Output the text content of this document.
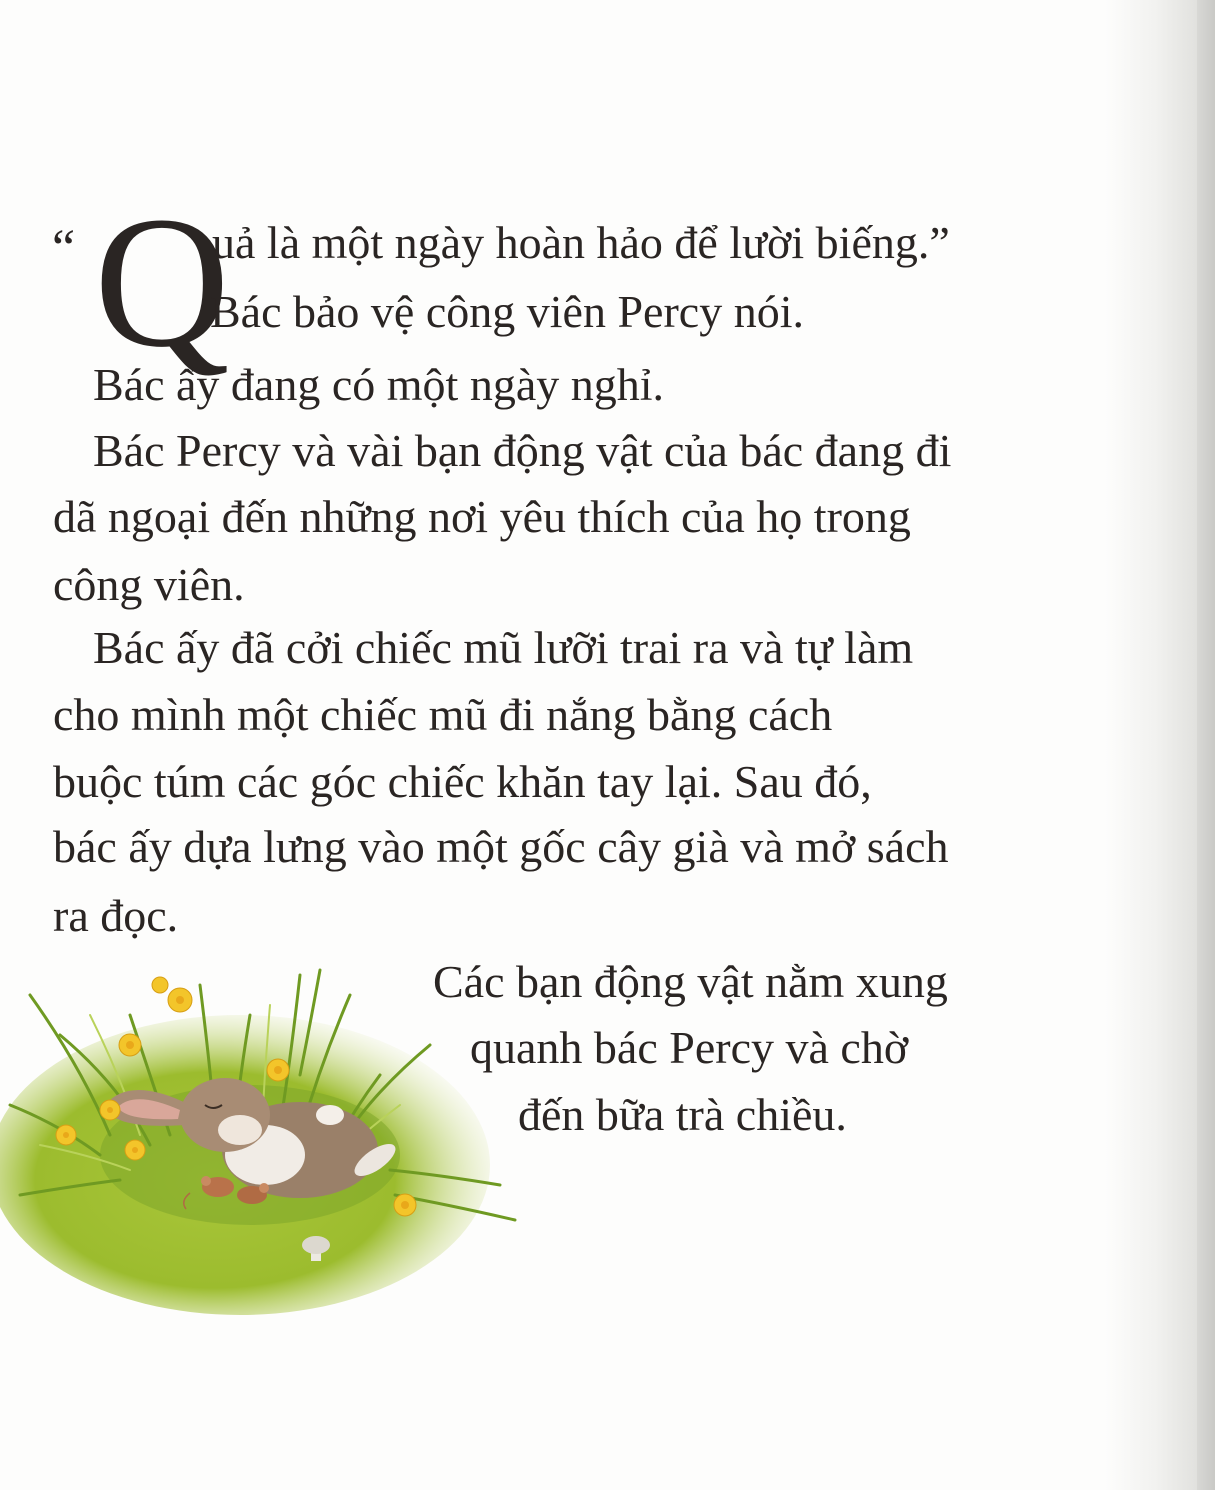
“ Q

uả là một ngày hoàn hảo để lười biếng.”

Bác bảo vệ công viên Percy nói.

Bác ấy đang có một ngày nghỉ.

Bác Percy và vài bạn động vật của bác đang đi

dã ngoại đến những nơi yêu thích của họ trong

công viên.

Bác ấy đã cởi chiếc mũ lưỡi trai ra và tự làm

cho mình một chiếc mũ đi nắng bằng cách

buộc túm các góc chiếc khăn tay lại. Sau đó,

bác ấy dựa lưng vào một gốc cây già và mở sách

ra đọc.

Các bạn động vật nằm xung

quanh bác Percy và chờ

đến bữa trà chiều.
